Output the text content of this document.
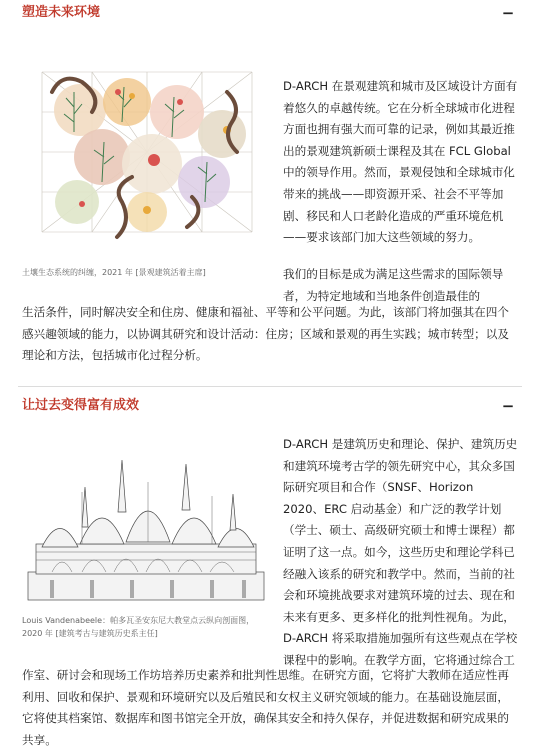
塑造未来环境	−
土壤生态系统的纠缠，2021 年 [景观建筑活着主席]
D-ARCH 在景观建筑和城市及区域设计方面有着悠久的卓越传统。它在分析全球城市化进程方面也拥有强大而可靠的记录，例如其最近推出的景观建筑新硕士课程及其在 FCL Global 中的领导作用。然而，景观侵蚀和全球城市化带来的挑战——即资源开采、社会不平等加剧、移民和人口老龄化造成的严重环境危机——要求该部门加大这些领域的努力。
我们的目标是成为满足这些需求的国际领导者，为特定地域和当地条件创造最佳的
生活条件，同时解决安全和住房、健康和福祉、平等和公平问题。为此，该部门将加强其在四个感兴趣领域的能力，以协调其研究和设计活动：住房；区域和景观的再生实践；城市转型；以及理论和方法，包括城市化过程分析。
让过去变得富有成效	−
Louis Vandenabeele：帕多瓦圣安东尼大教堂点云纵向剖面图，2020 年 [建筑考古与建筑历史系主任]
D-ARCH 是建筑历史和理论、保护、建筑历史和建筑环境考古学的领先研究中心，其众多国际研究项目和合作（SNSF、Horizon 2020、ERC 启动基金）和广泛的教学计划（学士、硕士、高级研究硕士和博士课程）都证明了这一点。如今，这些历史和理论学科已经融入该系的研究和教学中。然而，当前的社会和环境挑战要求对建筑环境的过去、现在和未来有更多、更多样化的批判性视角。为此，D-ARCH 将采取措施加强所有这些观点在学校课程中的影响。在教学方面，它将通过综合工
作室、研讨会和现场工作坊培养历史素养和批判性思维。在研究方面，它将扩大教师在适应性再利用、回收和保护、景观和环境研究以及后殖民和女权主义研究领域的能力。在基础设施层面，它将使其档案馆、数据库和图书馆完全开放，确保其安全和持久保存，并促进数据和研究成果的共享。
